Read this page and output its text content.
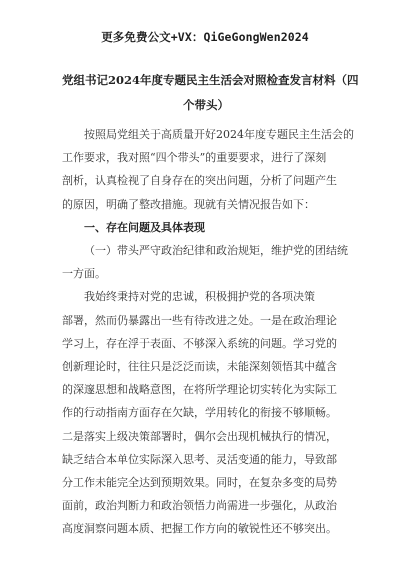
更多免费公文+VX：QiGeGongWen2024
党组书记2024年度专题民主生活会对照检查发言材料（四
个带头）
按照局党组关于高质量开好2024年度专题民主生活会的
工作要求，我对照“四个带头”的重要要求，进行了深刻
剖析，认真检视了自身存在的突出问题，分析了问题产生
的原因，明确了整改措施。现就有关情况报告如下：
一、存在问题及具体表现
（一）带头严守政治纪律和政治规矩，维护党的团结统
一方面。
我始终秉持对党的忠诚，积极拥护党的各项决策
部署，然而仍暴露出一些有待改进之处。一是在政治理论
学习上，存在浮于表面、不够深入系统的问题。学习党的
创新理论时，往往只是泛泛而读，未能深刻领悟其中蕴含
的深邃思想和战略意图，在将所学理论切实转化为实际工
作的行动指南方面存在欠缺，学用转化的衔接不够顺畅。
二是落实上级决策部署时，偶尔会出现机械执行的情况，
缺乏结合本单位实际深入思考、灵活变通的能力，导致部
分工作未能完全达到预期效果。同时，在复杂多变的局势
面前，政治判断力和政治领悟力尚需进一步强化，从政治
高度洞察问题本质、把握工作方向的敏锐性还不够突出。
